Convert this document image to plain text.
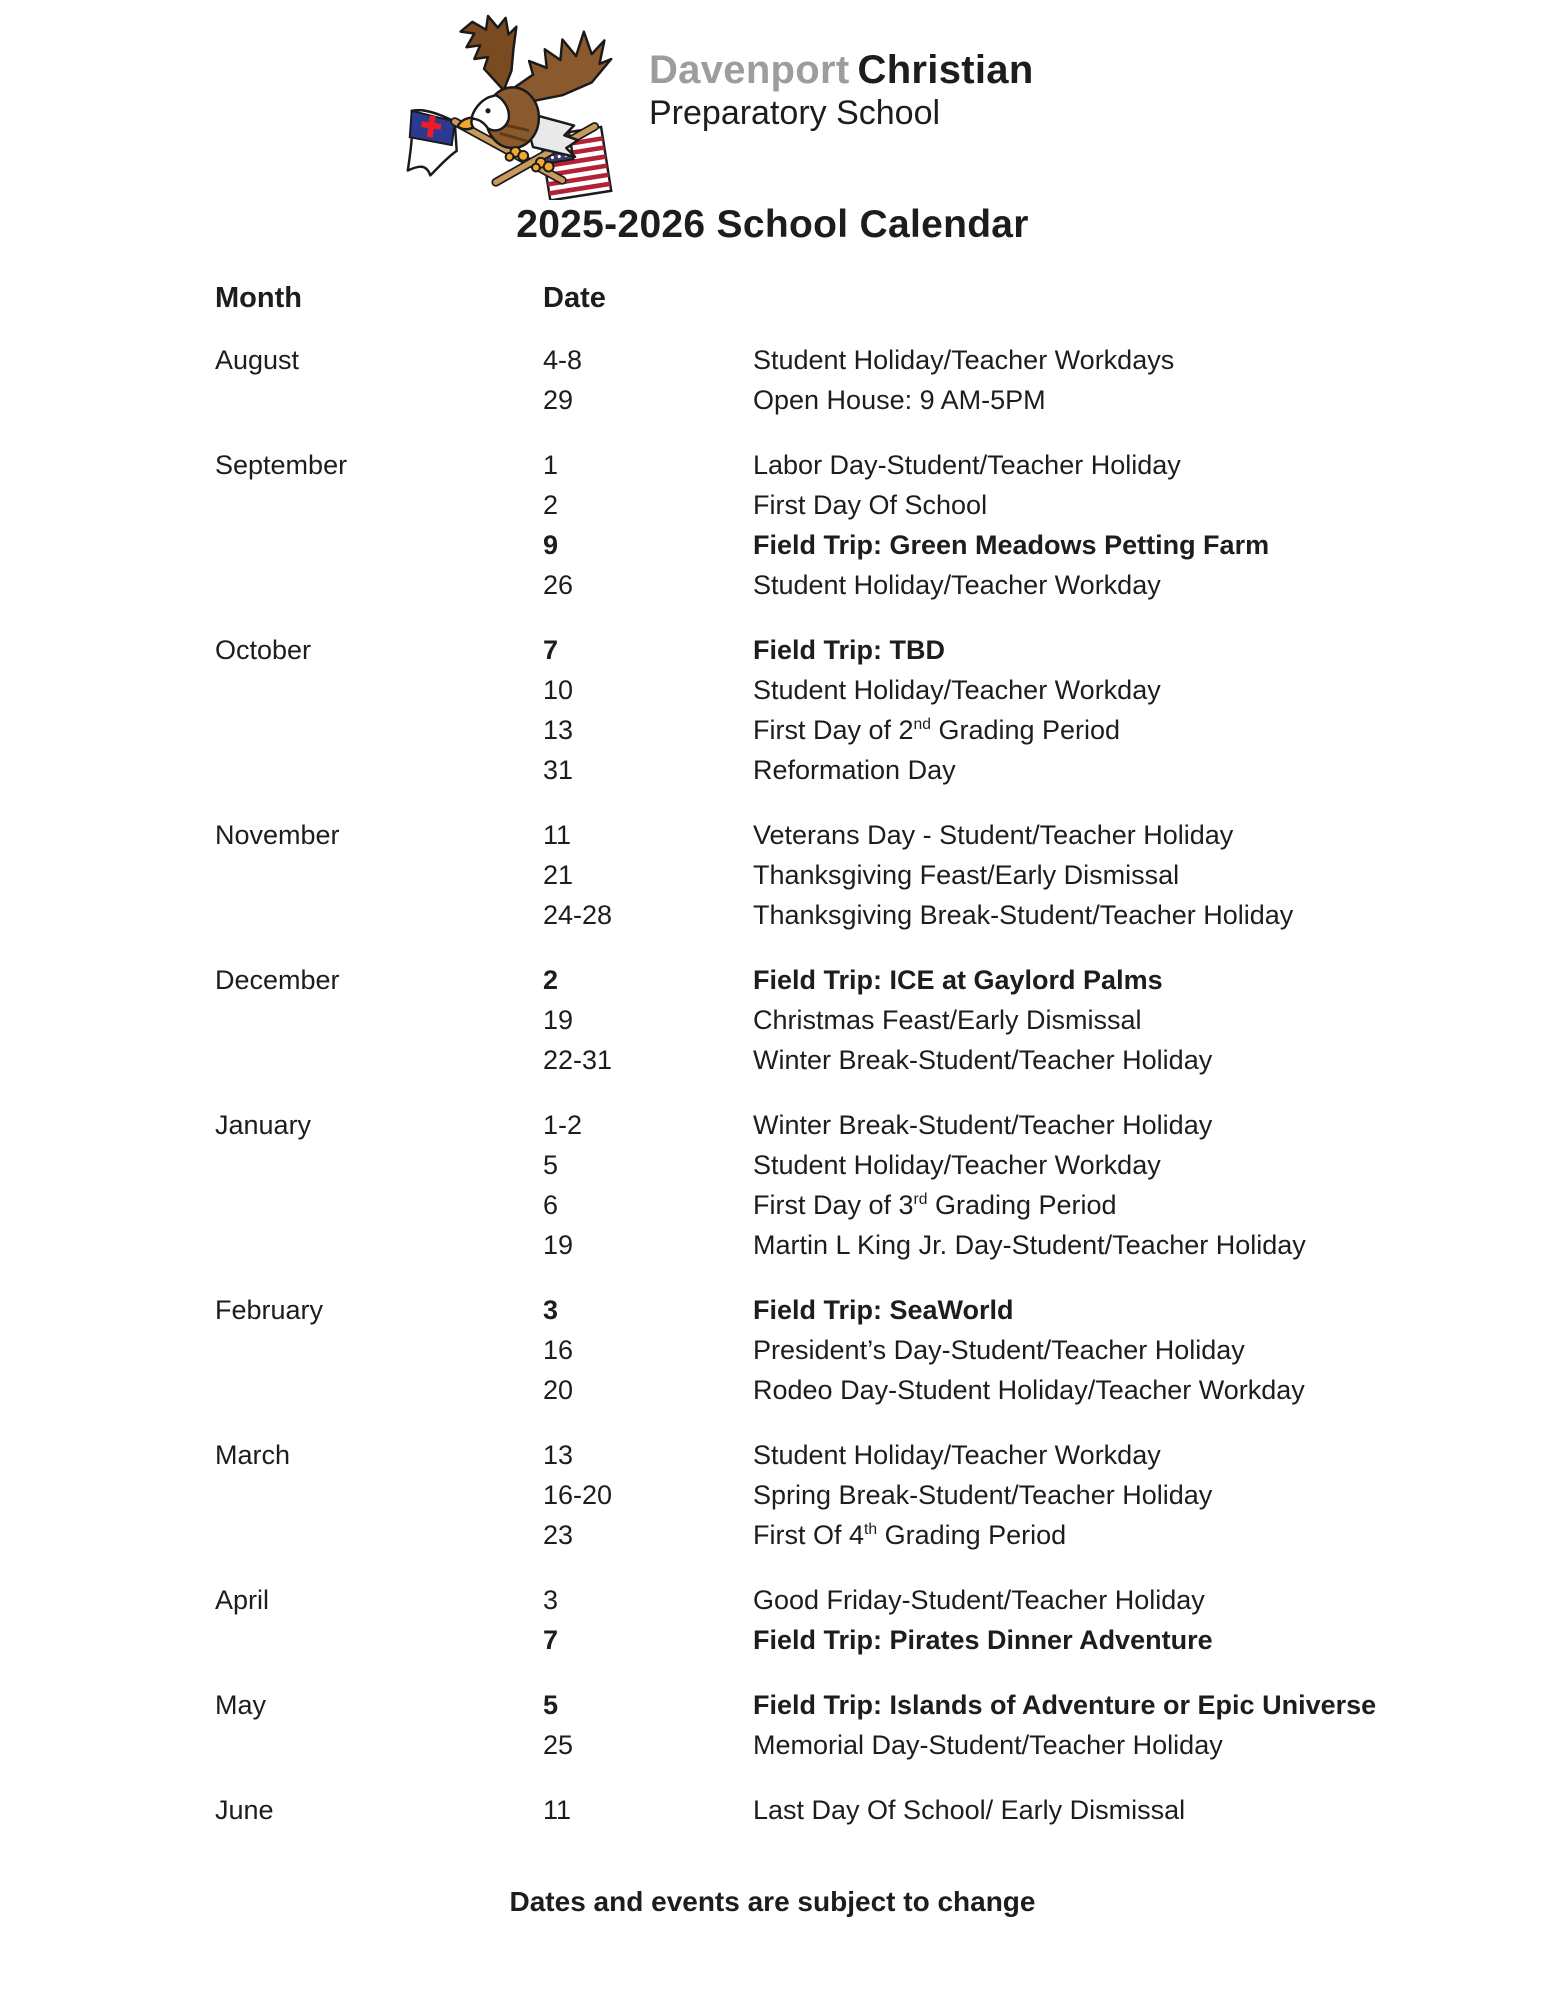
Davenport Christian
Preparatory School
2025-2026 School Calendar
Month	Date
August	4-8	Student Holiday/Teacher Workdays
29	Open House: 9 AM-5PM
September	1	Labor Day-Student/Teacher Holiday
2	First Day Of School
9	Field Trip: Green Meadows Petting Farm
26	Student Holiday/Teacher Workday
October	7	Field Trip: TBD
10	Student Holiday/Teacher Workday
13	First Day of 2nd Grading Period
31	Reformation Day
November	11	Veterans Day - Student/Teacher Holiday
21	Thanksgiving Feast/Early Dismissal
24-28	Thanksgiving Break-Student/Teacher Holiday
December	2	Field Trip: ICE at Gaylord Palms
19	Christmas Feast/Early Dismissal
22-31	Winter Break-Student/Teacher Holiday
January	1-2	Winter Break-Student/Teacher Holiday
5	Student Holiday/Teacher Workday
6	First Day of 3rd Grading Period
19	Martin L King Jr. Day-Student/Teacher Holiday
February	3	Field Trip: SeaWorld
16	President’s Day-Student/Teacher Holiday
20	Rodeo Day-Student Holiday/Teacher Workday
March	13	Student Holiday/Teacher Workday
16-20	Spring Break-Student/Teacher Holiday
23	First Of 4th Grading Period
April	3	Good Friday-Student/Teacher Holiday
7	Field Trip: Pirates Dinner Adventure
May	5	Field Trip: Islands of Adventure or Epic Universe
25	Memorial Day-Student/Teacher Holiday
June	11	Last Day Of School/ Early Dismissal
Dates and events are subject to change
